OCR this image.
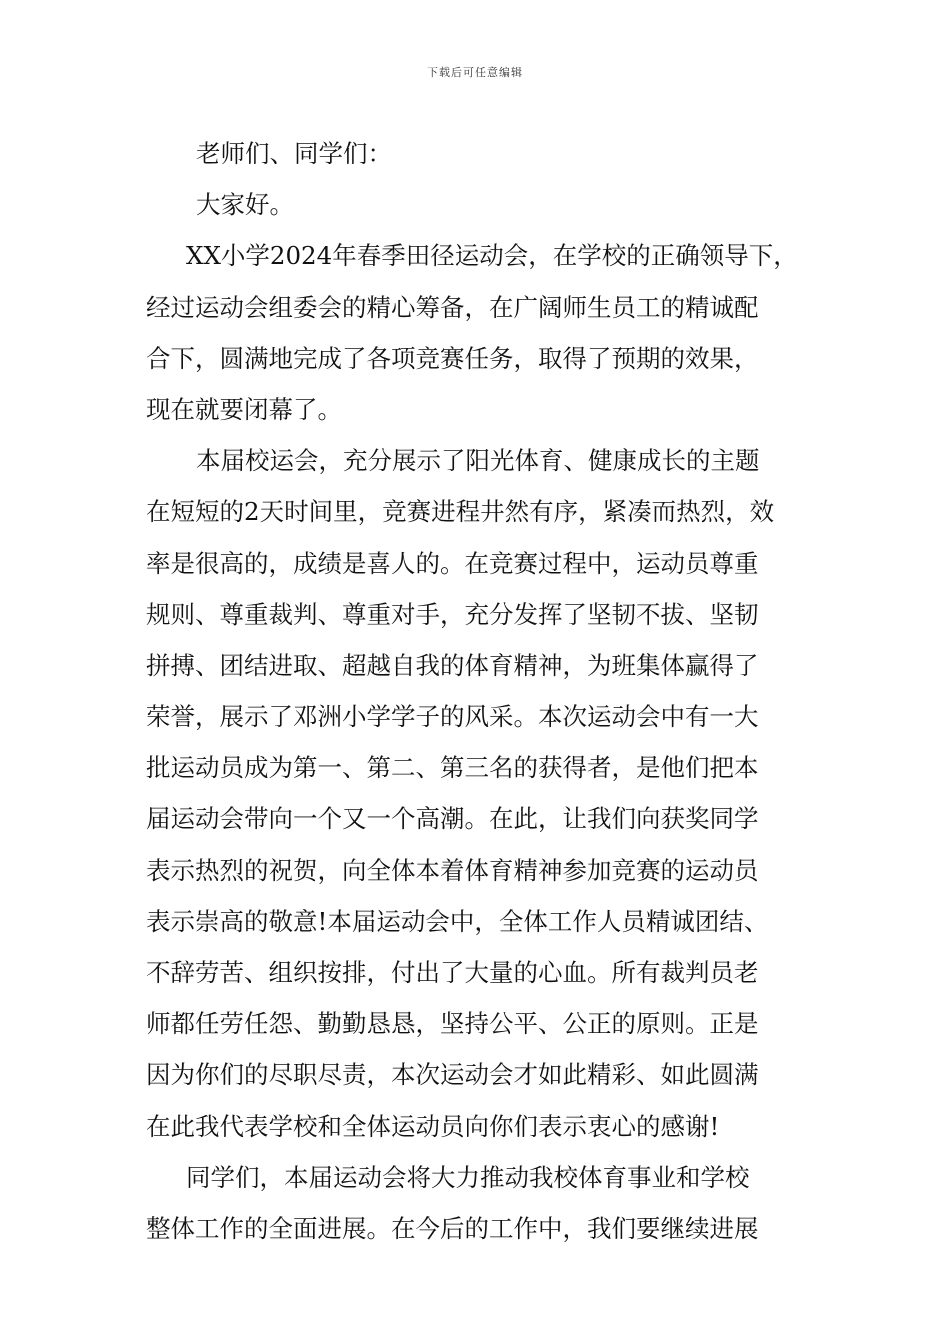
下载后可任意编辑
老师们、同学们：
大家好。
XX小学2024年春季田径运动会，在学校的正确领导下，
经过运动会组委会的精心筹备，在广阔师生员工的精诚配
合下，圆满地完成了各项竞赛任务，取得了预期的效果，
现在就要闭幕了。
本届校运会，充分展示了阳光体育、健康成长的主题
在短短的2天时间里，竞赛进程井然有序，紧凑而热烈，效
率是很高的，成绩是喜人的。在竞赛过程中，运动员尊重
规则、尊重裁判、尊重对手，充分发挥了坚韧不拔、坚韧
拼搏、团结进取、超越自我的体育精神，为班集体赢得了
荣誉，展示了邓洲小学学子的风采。本次运动会中有一大
批运动员成为第一、第二、第三名的获得者，是他们把本
届运动会带向一个又一个高潮。在此，让我们向获奖同学
表示热烈的祝贺，向全体本着体育精神参加竞赛的运动员
表示崇高的敬意!本届运动会中，全体工作人员精诚团结、
不辞劳苦、组织按排，付出了大量的心血。所有裁判员老
师都任劳任怨、勤勤恳恳，坚持公平、公正的原则。正是
因为你们的尽职尽责，本次运动会才如此精彩、如此圆满
在此我代表学校和全体运动员向你们表示衷心的感谢!
同学们，本届运动会将大力推动我校体育事业和学校
整体工作的全面进展。在今后的工作中，我们要继续进展
